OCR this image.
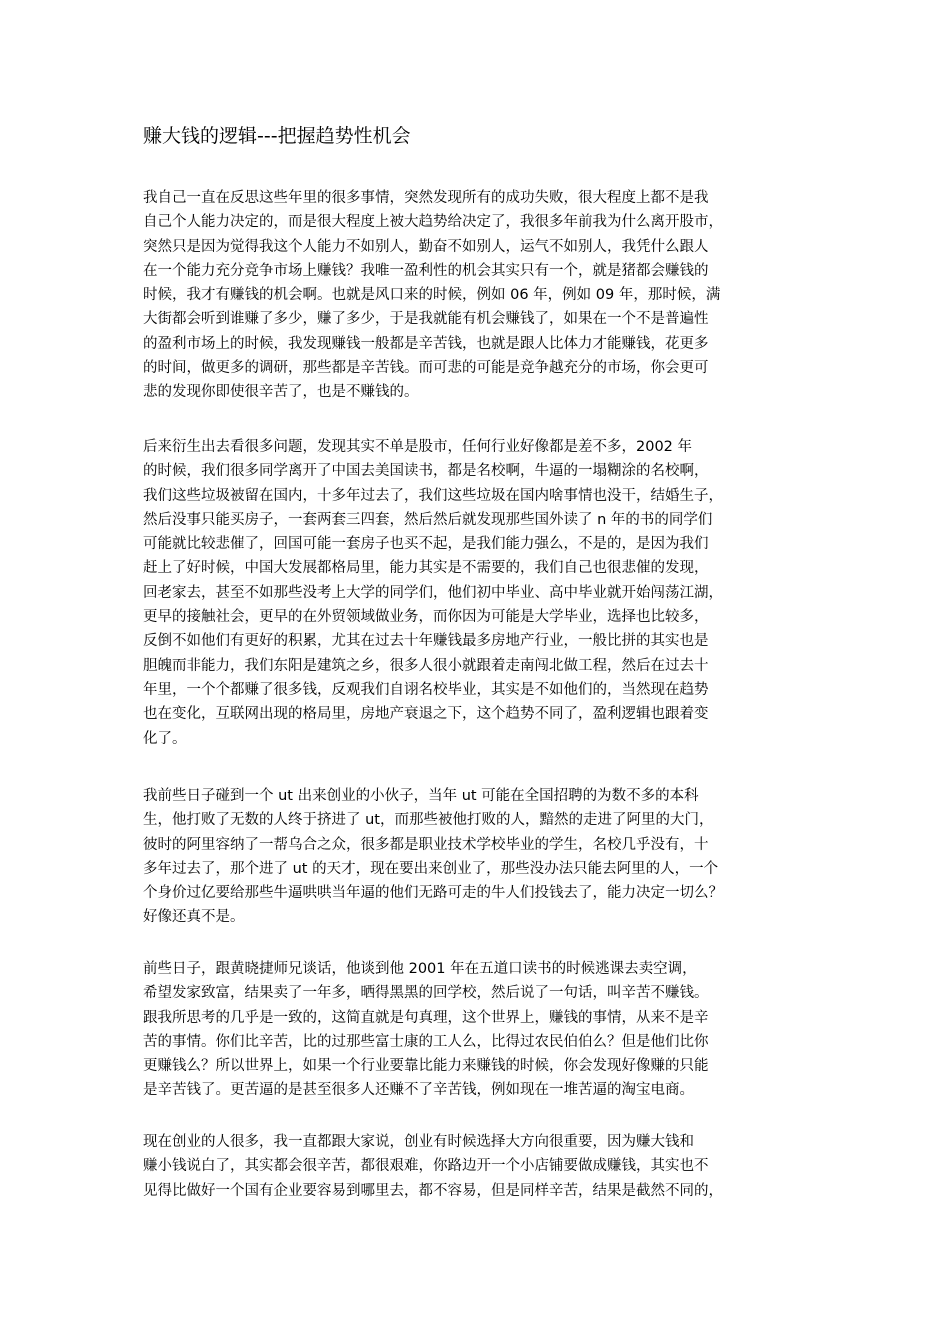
赚大钱的逻辑---把握趋势性机会
我自己一直在反思这些年里的很多事情，突然发现所有的成功失败，很大程度上都不是我
自己个人能力决定的，而是很大程度上被大趋势给决定了，我很多年前我为什么离开股市，
突然只是因为觉得我这个人能力不如别人，勤奋不如别人，运气不如别人，我凭什么跟人
在一个能力充分竞争市场上赚钱？我唯一盈利性的机会其实只有一个，就是猪都会赚钱的
时候，我才有赚钱的机会啊。也就是风口来的时候，例如 06 年，例如 09 年，那时候，满
大街都会听到谁赚了多少，赚了多少，于是我就能有机会赚钱了，如果在一个不是普遍性
的盈利市场上的时候，我发现赚钱一般都是辛苦钱，也就是跟人比体力才能赚钱，花更多
的时间，做更多的调研，那些都是辛苦钱。而可悲的可能是竞争越充分的市场，你会更可
悲的发现你即使很辛苦了，也是不赚钱的。
后来衍生出去看很多问题，发现其实不单是股市，任何行业好像都是差不多，2002 年
的时候，我们很多同学离开了中国去美国读书，都是名校啊，牛逼的一塌糊涂的名校啊，
我们这些垃圾被留在国内，十多年过去了，我们这些垃圾在国内啥事情也没干，结婚生子，
然后没事只能买房子，一套两套三四套，然后然后就发现那些国外读了 n 年的书的同学们
可能就比较悲催了，回国可能一套房子也买不起，是我们能力强么，不是的，是因为我们
赶上了好时候，中国大发展都格局里，能力其实是不需要的，我们自己也很悲催的发现，
回老家去，甚至不如那些没考上大学的同学们，他们初中毕业、高中毕业就开始闯荡江湖，
更早的接触社会，更早的在外贸领域做业务，而你因为可能是大学毕业，选择也比较多，
反倒不如他们有更好的积累，尤其在过去十年赚钱最多房地产行业，一般比拼的其实也是
胆魄而非能力，我们东阳是建筑之乡，很多人很小就跟着走南闯北做工程，然后在过去十
年里，一个个都赚了很多钱，反观我们自诩名校毕业，其实是不如他们的，当然现在趋势
也在变化，互联网出现的格局里，房地产衰退之下，这个趋势不同了，盈利逻辑也跟着变
化了。
我前些日子碰到一个 ut 出来创业的小伙子，当年 ut 可能在全国招聘的为数不多的本科
生，他打败了无数的人终于挤进了 ut，而那些被他打败的人，黯然的走进了阿里的大门，
彼时的阿里容纳了一帮乌合之众，很多都是职业技术学校毕业的学生，名校几乎没有，十
多年过去了，那个进了 ut 的天才，现在要出来创业了，那些没办法只能去阿里的人，一个
个身价过亿要给那些牛逼哄哄当年逼的他们无路可走的牛人们投钱去了，能力决定一切么？
好像还真不是。
前些日子，跟黄晓捷师兄谈话，他谈到他 2001 年在五道口读书的时候逃课去卖空调，
希望发家致富，结果卖了一年多，晒得黑黑的回学校，然后说了一句话，叫辛苦不赚钱。
跟我所思考的几乎是一致的，这简直就是句真理，这个世界上，赚钱的事情，从来不是辛
苦的事情。你们比辛苦，比的过那些富士康的工人么，比得过农民伯伯么？但是他们比你
更赚钱么？所以世界上，如果一个行业要靠比能力来赚钱的时候，你会发现好像赚的只能
是辛苦钱了。更苦逼的是甚至很多人还赚不了辛苦钱，例如现在一堆苦逼的淘宝电商。
现在创业的人很多，我一直都跟大家说，创业有时候选择大方向很重要，因为赚大钱和
赚小钱说白了，其实都会很辛苦，都很艰难，你路边开一个小店铺要做成赚钱，其实也不
见得比做好一个国有企业要容易到哪里去，都不容易，但是同样辛苦，结果是截然不同的，
